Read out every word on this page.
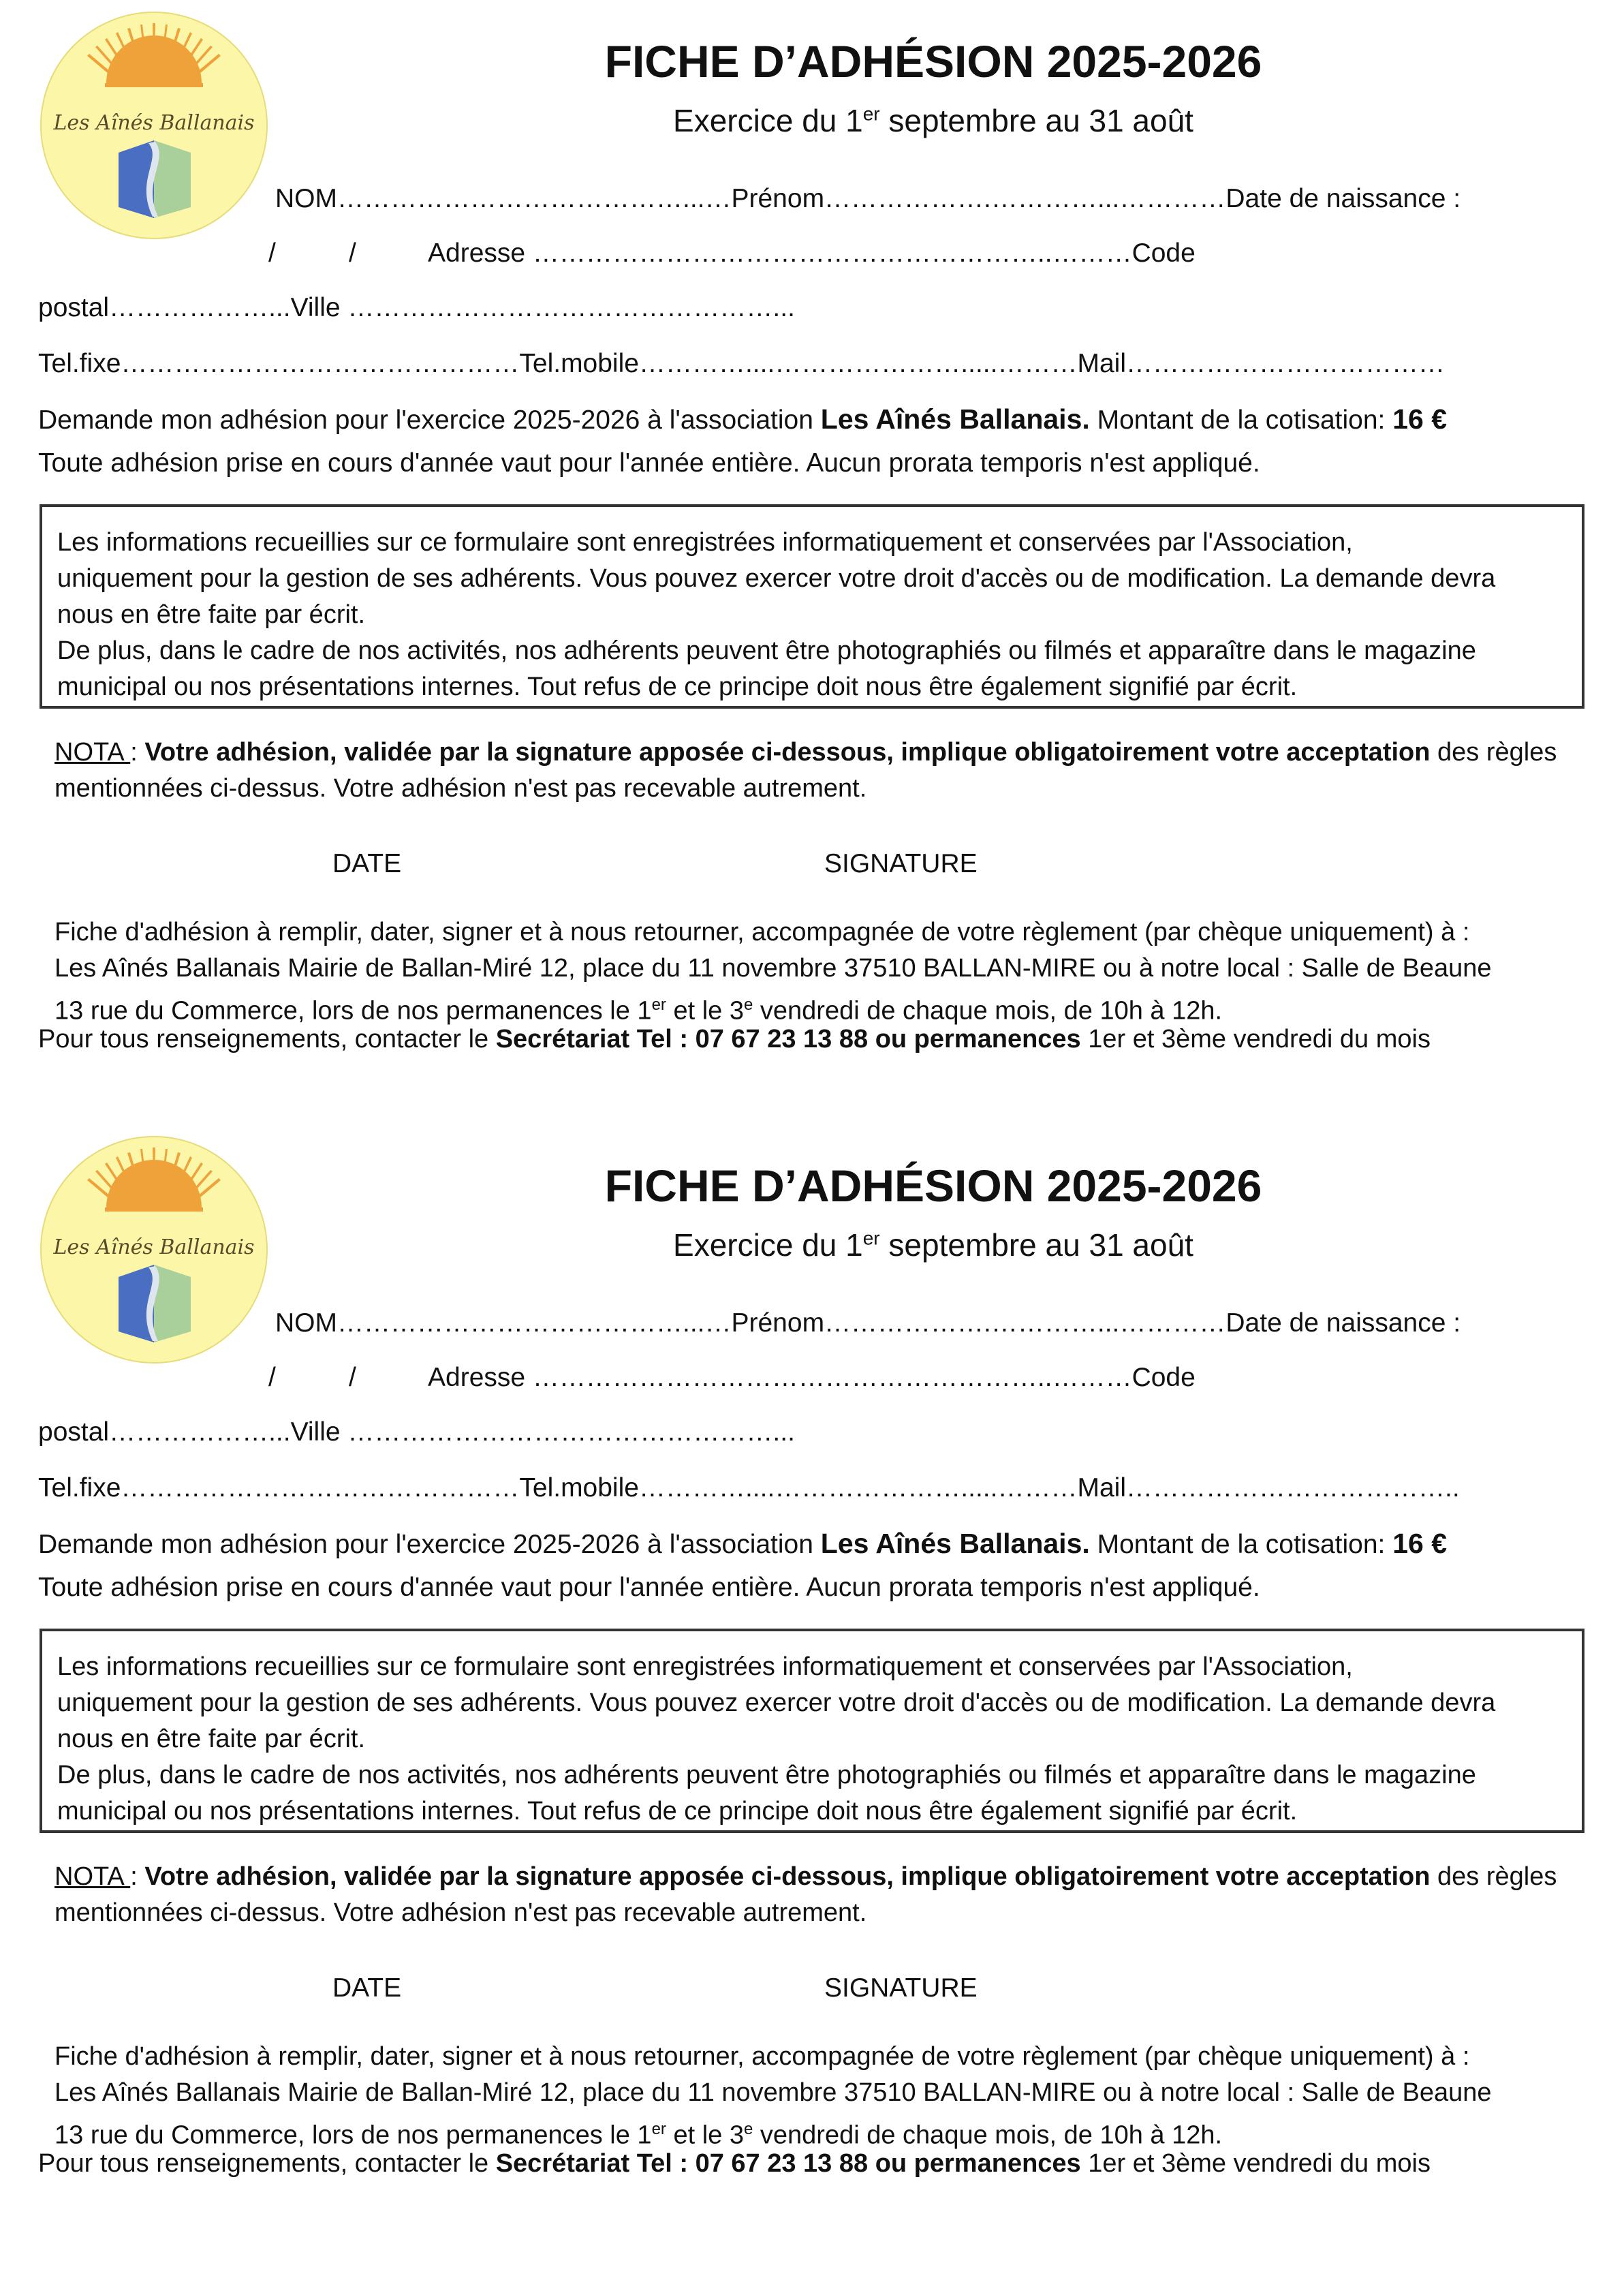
Les Aînés Ballanais
FICHE D’ADHÉSION 2025-2026
Exercice du 1er septembre au 31 août
NOM…………………………………...…Prénom……………….…………...…………Date de naissance :
/	/	Adresse …………………………………………………..………Code
postal………………...Ville …………………………………………...
Tel.fixe………………………………………Tel.mobile…………....………………….....………Mail………………………………
Demande mon adhésion pour l'exercice 2025-2026 à l'association Les Aînés Ballanais. Montant de la cotisation: 16 €
Toute adhésion prise en cours d'année vaut pour l'année entière. Aucun prorata temporis n'est appliqué.

Les informations recueillies sur ce formulaire sont enregistrées informatiquement et conservées par l'Association,

uniquement pour la gestion de ses adhérents. Vous pouvez exercer votre droit d'accès ou de modification. La demande devra

nous en être faite par écrit.

De plus, dans le cadre de nos activités, nos adhérents peuvent être photographiés ou filmés et apparaître dans le magazine

municipal ou nos présentations internes. Tout refus de ce principe doit nous être également signifié par écrit.

NOTA : Votre adhésion, validée par la signature apposée ci-dessous, implique obligatoirement votre acceptation des règles

mentionnées ci-dessus. Votre adhésion n'est pas recevable autrement.

DATE	SIGNATURE

Fiche d'adhésion à remplir, dater, signer et à nous retourner, accompagnée de votre règlement (par chèque uniquement) à :

Les Aînés Ballanais Mairie de Ballan-Miré 12, place du 11 novembre 37510 BALLAN-MIRE ou à notre local : Salle de Beaune

13 rue du Commerce, lors de nos permanences le 1er et le 3e vendredi de chaque mois, de 10h à 12h.

Pour tous renseignements, contacter le Secrétariat Tel : 07 67 23 13 88 ou permanences 1er et 3ème vendredi du mois
Les Aînés Ballanais
FICHE D’ADHÉSION 2025-2026
Exercice du 1er septembre au 31 août
NOM…………………………………...…Prénom……………….…………...…………Date de naissance :
/	/	Adresse …………………………………………………..………Code
postal………………...Ville …………………………………………...
Tel.fixe………………………………………Tel.mobile…………....………………….....………Mail………………………………..
Demande mon adhésion pour l'exercice 2025-2026 à l'association Les Aînés Ballanais. Montant de la cotisation: 16 €
Toute adhésion prise en cours d'année vaut pour l'année entière. Aucun prorata temporis n'est appliqué.

Les informations recueillies sur ce formulaire sont enregistrées informatiquement et conservées par l'Association,

uniquement pour la gestion de ses adhérents. Vous pouvez exercer votre droit d'accès ou de modification. La demande devra

nous en être faite par écrit.

De plus, dans le cadre de nos activités, nos adhérents peuvent être photographiés ou filmés et apparaître dans le magazine

municipal ou nos présentations internes. Tout refus de ce principe doit nous être également signifié par écrit.

NOTA : Votre adhésion, validée par la signature apposée ci-dessous, implique obligatoirement votre acceptation des règles

mentionnées ci-dessus. Votre adhésion n'est pas recevable autrement.

DATE	SIGNATURE

Fiche d'adhésion à remplir, dater, signer et à nous retourner, accompagnée de votre règlement (par chèque uniquement) à :

Les Aînés Ballanais Mairie de Ballan-Miré 12, place du 11 novembre 37510 BALLAN-MIRE ou à notre local : Salle de Beaune

13 rue du Commerce, lors de nos permanences le 1er et le 3e vendredi de chaque mois, de 10h à 12h.

Pour tous renseignements, contacter le Secrétariat Tel : 07 67 23 13 88 ou permanences 1er et 3ème vendredi du mois
